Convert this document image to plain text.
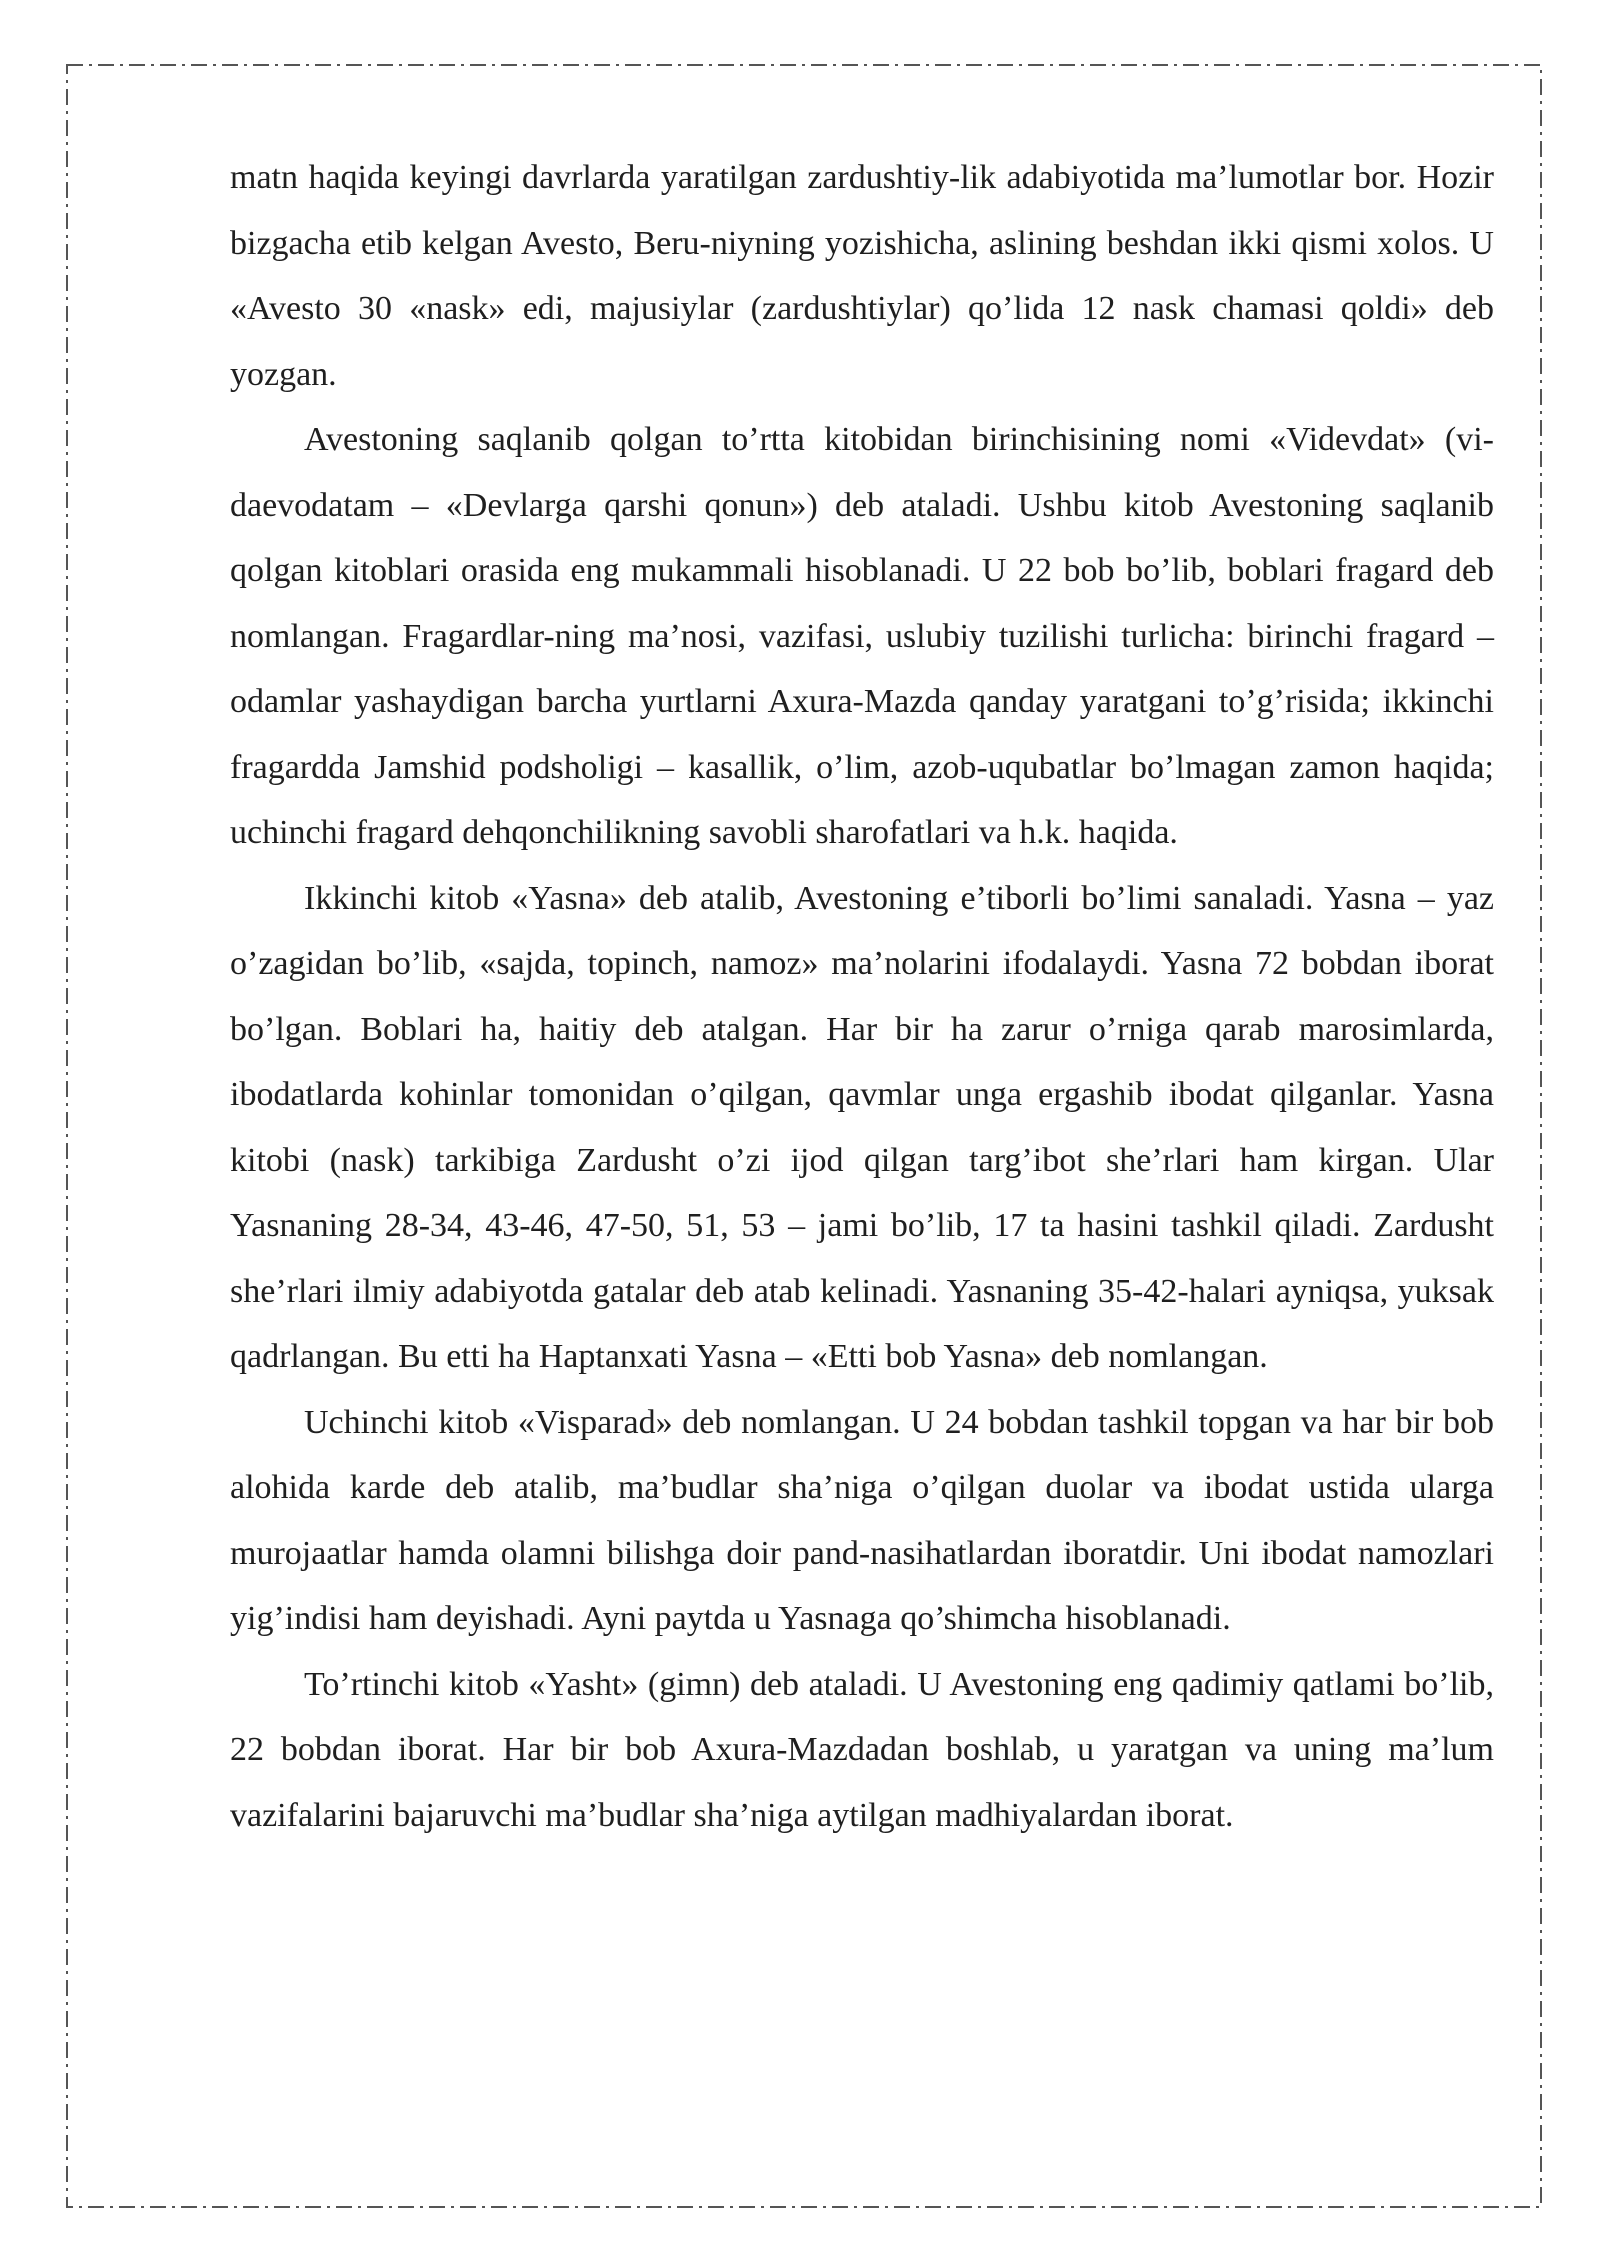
matn haqida keyingi davrlarda yaratilgan zardushtiy-lik adabiyotida ma’lumotlar bor. Hozir bizgacha etib kelgan Avesto, Beru-niyning yozishicha, aslining beshdan ikki qismi xolos. U «Avesto 30 «nask» edi, majusiylar (zardushtiylar) qo’lida 12 nask chamasi qoldi» deb yozgan.

Avestoning saqlanib qolgan to’rtta kitobidan birinchisining nomi «Videvdat» (vi-daevodatam – «Devlarga qarshi qonun») deb ataladi. Ushbu kitob Avestoning saqlanib qolgan kitoblari orasida eng mukammali hisoblanadi. U 22 bob bo’lib, boblari fragard deb nomlangan. Fragardlar-ning ma’nosi, vazifasi, uslubiy tuzilishi turlicha: birinchi fragard – odamlar yashaydigan barcha yurtlarni Axura-Mazda qanday yaratgani to’g’risida; ikkinchi fragardda Jamshid podsholigi – kasallik, o’lim, azob-uqubatlar bo’lmagan zamon haqida; uchinchi fragard dehqonchilikning savobli sharofatlari va h.k. haqida.

Ikkinchi kitob «Yasna» deb atalib, Avestoning e’tiborli bo’limi sanaladi. Yasna – yaz o’zagidan bo’lib, «sajda, topinch, namoz» ma’nolarini ifodalaydi. Yasna 72 bobdan iborat bo’lgan. Boblari ha, haitiy deb atalgan. Har bir ha zarur o’rniga qarab marosimlarda, ibodatlarda kohinlar tomonidan o’qilgan, qavmlar unga ergashib ibodat qilganlar. Yasna kitobi (nask) tarkibiga Zardusht o’zi ijod qilgan targ’ibot she’rlari ham kirgan. Ular Yasnaning 28-34, 43-46, 47-50, 51, 53 – jami bo’lib, 17 ta hasini tashkil qiladi. Zardusht she’rlari ilmiy adabiyotda gatalar deb atab kelinadi. Yasnaning 35-42-halari ayniqsa, yuksak qadrlangan. Bu etti ha Haptanxati Yasna – «Etti bob Yasna» deb nomlangan.

Uchinchi kitob «Visparad» deb nomlangan. U 24 bobdan tashkil topgan va har bir bob alohida karde deb atalib, ma’budlar sha’niga o’qilgan duolar va ibodat ustida ularga murojaatlar hamda olamni bilishga doir pand-nasihatlardan iboratdir. Uni ibodat namozlari yig’indisi ham deyishadi. Ayni paytda u Yasnaga qo’shimcha hisoblanadi.

To’rtinchi kitob «Yasht» (gimn) deb ataladi. U Avestoning eng qadimiy qatlami bo’lib, 22 bobdan iborat. Har bir bob Axura-Mazdadan boshlab, u yaratgan va uning ma’lum vazifalarini bajaruvchi ma’budlar sha’niga aytilgan madhiyalardan iborat.
